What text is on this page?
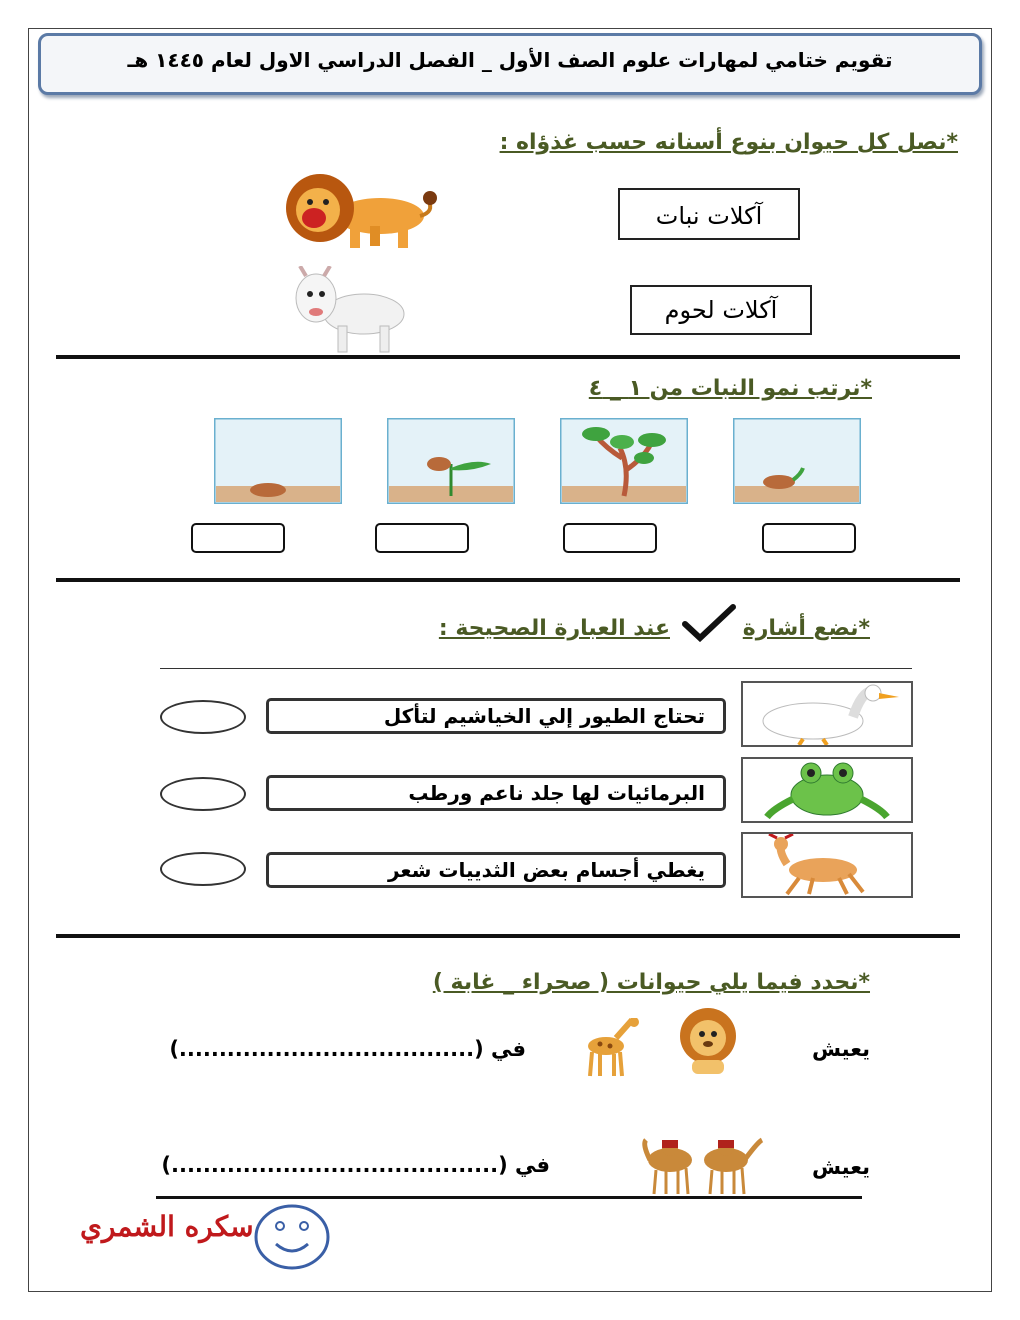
تقويم ختامي لمهارات علوم الصف الأول _ الفصل الدراسي الاول لعام ١٤٤٥ هـ
*نصل كل حيوان بنوع أسنانه حسب غذؤاه :
آكلات نبات
آكلات لحوم
*نرتب نمو النبات من ١ _ ٤
*نضع أشارة
عند العبارة الصحيحة :
تحتاج الطيور إلي الخياشيم لتأكل
البرمائيات لها جلد ناعم ورطب
يغطي أجسام بعض الثدييات شعر
*نحدد فيما يلي حيوانات ( صحراء _ غابة )
يعيش
في (.....................................)
يعيش
في (.........................................)
سكره الشمري
